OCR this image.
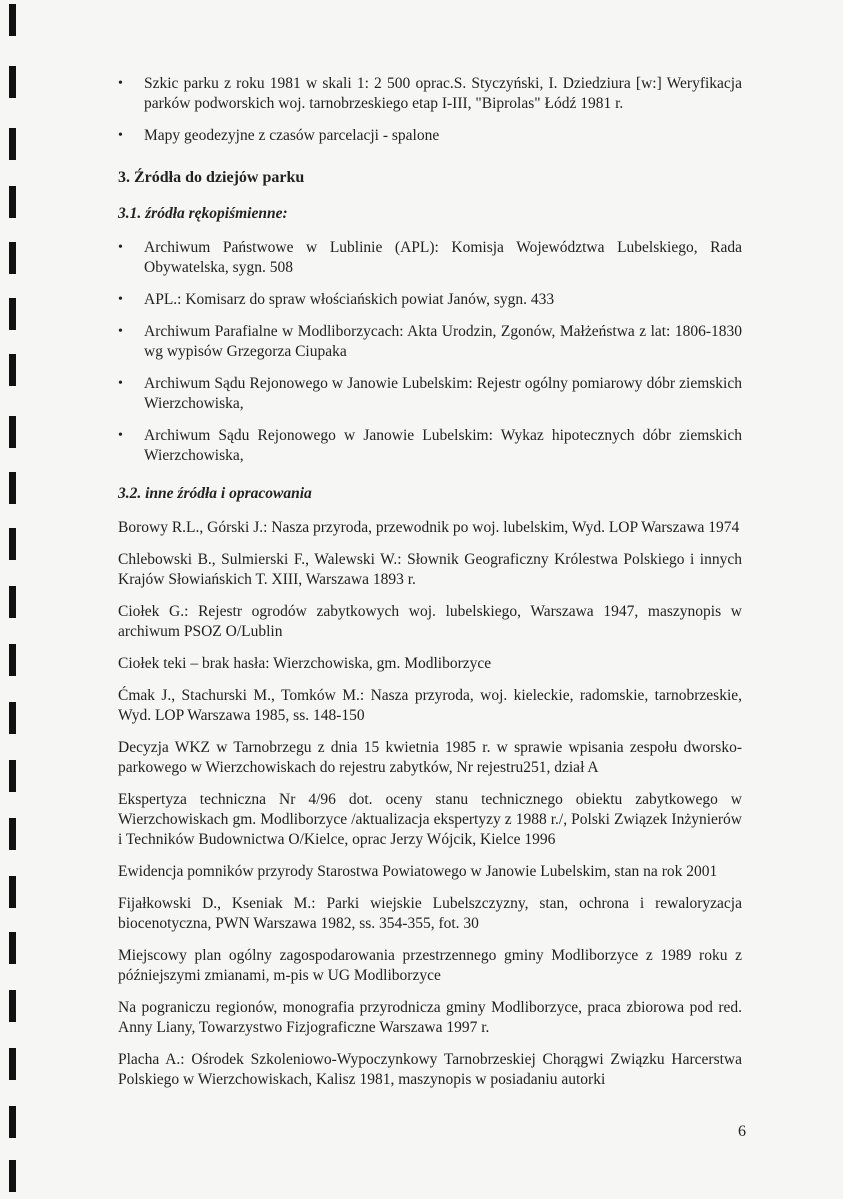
• Szkic parku z roku 1981 w skali 1: 2 500 oprac.S. Styczyński, I. Dziedziura [w:] Weryfikacja parków podworskich woj. tarnobrzeskiego etap I-III, "Biprolas" Łódź 1981 r.
• Mapy geodezyjne z czasów parcelacji - spalone
3. Źródła do dziejów parku
3.1. źródła rękopiśmienne:
• Archiwum Państwowe w Lublinie (APL): Komisja Województwa Lubelskiego, Rada Obywatelska, sygn. 508
• APL.: Komisarz do spraw włościańskich powiat Janów, sygn. 433
• Archiwum Parafialne w Modliborzycach: Akta Urodzin, Zgonów, Małżeństwa z lat: 1806-1830 wg wypisów Grzegorza Ciupaka
• Archiwum Sądu Rejonowego w Janowie Lubelskim: Rejestr ogólny pomiarowy dóbr ziemskich Wierzchowiska,
• Archiwum Sądu Rejonowego w Janowie Lubelskim: Wykaz hipotecznych dóbr ziemskich Wierzchowiska,
3.2. inne źródła i opracowania
Borowy R.L., Górski J.: Nasza przyroda, przewodnik po woj. lubelskim, Wyd. LOP Warszawa 1974
Chlebowski B., Sulmierski F., Walewski W.: Słownik Geograficzny Królestwa Polskiego i innych Krajów Słowiańskich T. XIII, Warszawa 1893 r.
Ciołek G.: Rejestr ogrodów zabytkowych woj. lubelskiego, Warszawa 1947, maszynopis w archiwum PSOZ O/Lublin
Ciołek teki – brak hasła: Wierzchowiska, gm. Modliborzyce
Ćmak J., Stachurski M., Tomków M.: Nasza przyroda, woj. kieleckie, radomskie, tarnobrzeskie, Wyd. LOP Warszawa 1985, ss. 148-150
Decyzja WKZ w Tarnobrzegu z dnia 15 kwietnia 1985 r. w sprawie wpisania zespołu dworsko-parkowego w Wierzchowiskach do rejestru zabytków, Nr rejestru251, dział A
Ekspertyza techniczna Nr 4/96 dot. oceny stanu technicznego obiektu zabytkowego w Wierzchowiskach gm. Modliborzyce /aktualizacja ekspertyzy z 1988 r./, Polski Związek Inżynierów i Techników Budownictwa O/Kielce, oprac Jerzy Wójcik, Kielce 1996
Ewidencja pomników przyrody Starostwa Powiatowego w Janowie Lubelskim, stan na rok 2001
Fijałkowski D., Kseniak M.: Parki wiejskie Lubelszczyzny, stan, ochrona i rewaloryzacja biocenotyczna, PWN Warszawa 1982, ss. 354-355, fot. 30
Miejscowy plan ogólny zagospodarowania przestrzennego gminy Modliborzyce z 1989 roku z późniejszymi zmianami, m-pis w UG Modliborzyce
Na pograniczu regionów, monografia przyrodnicza gminy Modliborzyce, praca zbiorowa pod red. Anny Liany, Towarzystwo Fizjograficzne Warszawa 1997 r.
Placha A.: Ośrodek Szkoleniowo-Wypoczynkowy Tarnobrzeskiej Chorągwi Związku Harcerstwa Polskiego w Wierzchowiskach, Kalisz 1981, maszynopis w posiadaniu autorki
6
